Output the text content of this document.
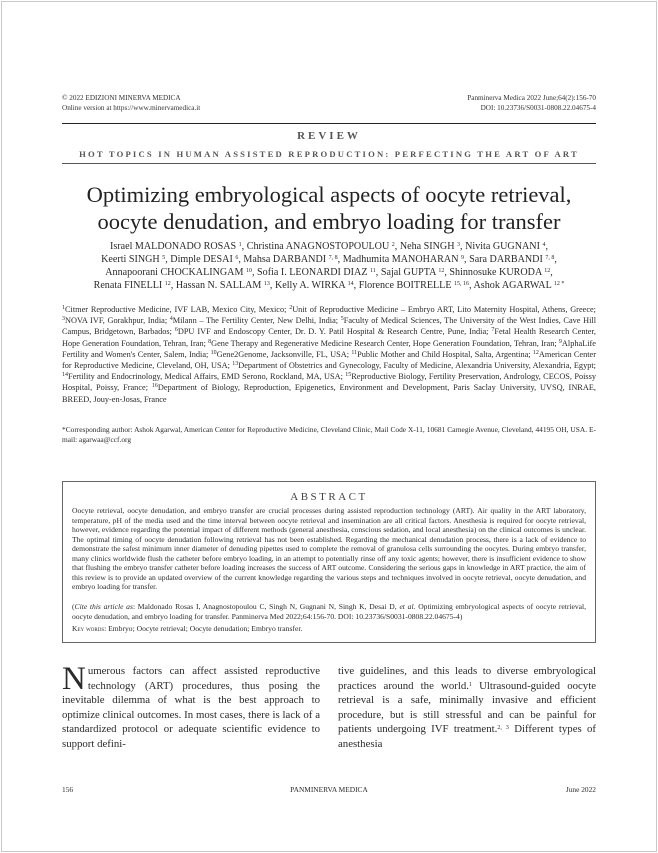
© 2022 EDIZIONI MINERVA MEDICA
Online version at https://www.minervamedica.it
Panminerva Medica 2022 June;64(2):156-70
DOI: 10.23736/S0031-0808.22.04675-4
REVIEW
HOT TOPICS IN HUMAN ASSISTED REPRODUCTION: PERFECTING THE ART OF ART
Optimizing embryological aspects of oocyte retrieval,
oocyte denudation, and embryo loading for transfer
Israel MALDONADO ROSAS $^1$, Christina ANAGNOSTOPOULOU $^2$, Neha SINGH $^3$, Nivita GUGNANI $^4$,
Keerti SINGH $^5$, Dimple DESAI $^6$, Mahsa DARBANDI $^{7, 8}$, Madhumita MANOHARAN $^9$, Sara DARBANDI $^{7, 8}$,
Annapoorani CHOCKALINGAM $^{10}$, Sofia I. LEONARDI DIAZ $^{11}$, Sajal GUPTA $^{12}$, Shinnosuke KURODA $^{12}$,
Renata FINELLI $^{12}$, Hassan N. SALLAM $^{13}$, Kelly A. WIRKA $^{14}$, Florence BOITRELLE $^{15, 16}$, Ashok AGARWAL $^{12 *}$
$^1$Citmer Reproductive Medicine, IVF LAB, Mexico City, Mexico; $^2$Unit of Reproductive Medicine – Embryo ART, Lito Maternity Hospital, Athens, Greece; $^3$NOVA IVF, Gorakhpur, India; $^4$Milann – The Fertility Center, New Delhi, India; $^5$Faculty of Medical Sciences, The University of the West Indies, Cave Hill Campus, Bridgetown, Barbados; $^6$DPU IVF and Endoscopy Center, Dr. D. Y. Patil Hospital & Research Centre, Pune, India; $^7$Fetal Health Research Center, Hope Generation Foundation, Tehran, Iran; $^8$Gene Therapy and Regenerative Medicine Research Center, Hope Generation Foundation, Tehran, Iran; $^9$AlphaLife Fertility and Women's Center, Salem, India; $^{10}$Gene2Genome, Jacksonville, FL, USA; $^{11}$Public Mother and Child Hospital, Salta, Argentina; $^{12}$American Center for Reproductive Medicine, Cleveland, OH, USA; $^{13}$Department of Obstetrics and Gynecology, Faculty of Medicine, Alexandria University, Alexandria, Egypt; $^{14}$Fertility and Endocrinology, Medical Affairs, EMD Serono, Rockland, MA, USA; $^{15}$Reproductive Biology, Fertility Preservation, Andrology, CECOS, Poissy Hospital, Poissy, France; $^{16}$Department of Biology, Reproduction, Epigenetics, Environment and Development, Paris Saclay University, UVSQ, INRAE, BREED, Jouy-en-Josas, France
*Corresponding author: Ashok Agarwal, American Center for Reproductive Medicine, Cleveland Clinic, Mail Code X-11, 10681 Carnegie Avenue, Cleveland, 44195 OH, USA. E-mail: agarwaa@ccf.org
ABSTRACT
Oocyte retrieval, oocyte denudation, and embryo transfer are crucial processes during assisted reproduction technology (ART). Air quality in the ART laboratory, temperature, pH of the media used and the time interval between oocyte retrieval and insemination are all critical factors. Anesthesia is required for oocyte retrieval, however, evidence regarding the potential impact of different methods (general anesthesia, conscious sedation, and local anesthesia) on the clinical outcomes is unclear. The optimal timing of oocyte denudation following retrieval has not been established. Regarding the mechanical denudation process, there is a lack of evidence to demonstrate the safest minimum inner diameter of denuding pipettes used to complete the removal of granulosa cells surrounding the oocytes. During embryo transfer, many clinics worldwide flush the catheter before embryo loading, in an attempt to potentially rinse off any toxic agents; however, there is insufficient evidence to show that flushing the embryo transfer catheter before loading increases the success of ART outcome. Considering the serious gaps in knowledge in ART practice, the aim of this review is to provide an updated overview of the current knowledge regarding the various steps and techniques involved in oocyte retrieval, oocyte denudation, and embryo loading for transfer.
(Cite this article as: Maldonado Rosas I, Anagnostopoulou C, Singh N, Gugnani N, Singh K, Desai D, et al. Optimizing embryological aspects of oocyte retrieval, oocyte denudation, and embryo loading for transfer. Panminerva Med 2022;64:156-70. DOI: 10.23736/S0031-0808.22.04675-4)
Key words: Embryo; Oocyte retrieval; Oocyte denudation; Embryo transfer.
Numerous factors can affect assisted reproductive technology (ART) procedures, thus posing the inevitable dilemma of what is the best approach to optimize clinical outcomes. In most cases, there is lack of a standardized protocol or adequate scientific evidence to support defini-
tive guidelines, and this leads to diverse embryological practices around the world.$^1$ Ultrasound-guided oocyte retrieval is a safe, minimally invasive and efficient procedure, but is still stressful and can be painful for patients undergoing IVF treatment.$^{2, 3}$ Different types of anesthesia
156	PANMINERVA MEDICA	June 2022
